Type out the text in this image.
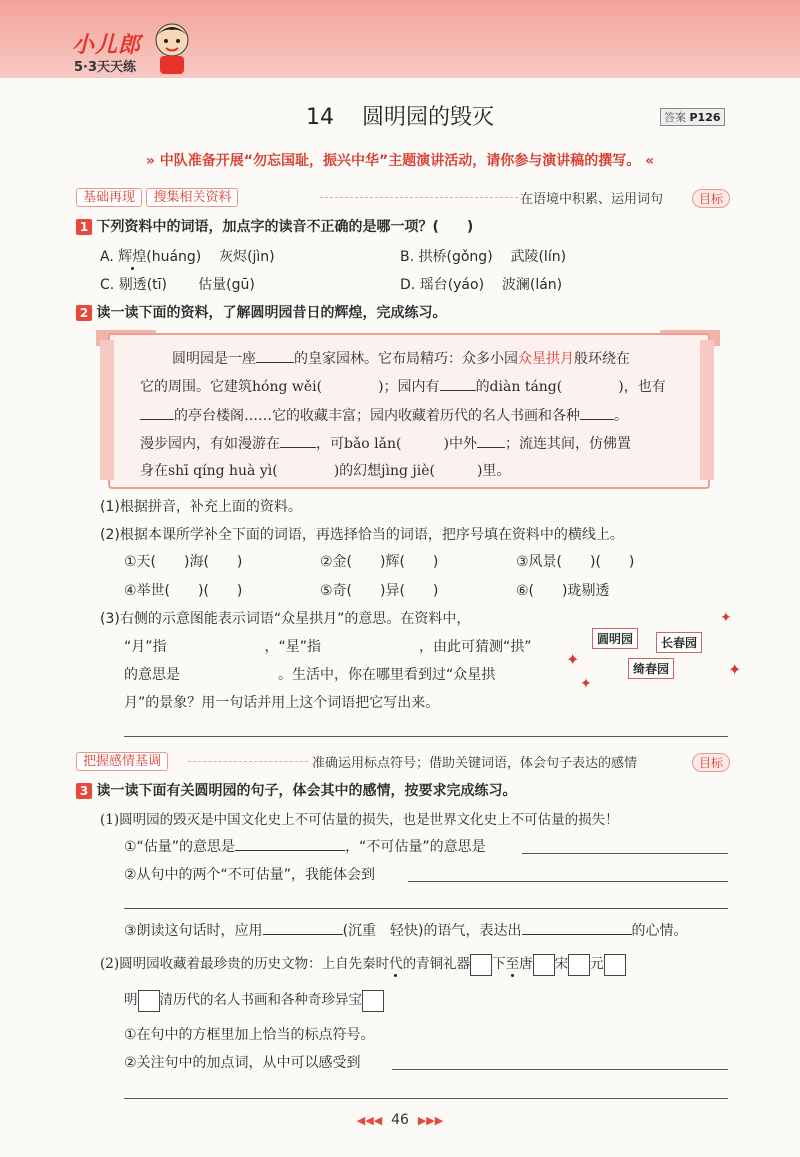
小儿郎
5·3天天练
14 圆明园的毁灭	答案 P126
» 中队准备开展“勿忘国耻，振兴中华”主题演讲活动，请你参与演讲稿的撰写。 «
基础再现 搜集相关资料	在语境中积累、运用词句	目标
1 下列资料中的词语，加点字的读音不正确的是哪一项？(　　)
A. 辉煌(huáng) 灰烬(jìn)	B. 拱桥(gǒng) 武陵(lín)
C. 剔透(tī) 估量(gū)	D. 瑶台(yáo) 波澜(lán)
2 读一读下面的资料，了解圆明园昔日的辉煌，完成练习。
圆明园是一座	的皇家园林。它布局精巧：众多小园众星拱月般环绕在
它的周围。它建筑hóng wěi(　　　　	)；园内有	的diàn táng(　　　　	)，也有
的亭台楼阁……它的收藏丰富；园内收藏着历代的名人书画和各种 。
漫步园内，有如漫游在	，可bǎo lǎn(　　　	)中外 ；流连其间，仿佛置
身在shī qíng huà yì(　　　　	)的幻想jìng jiè(　　　	)里。
(1)根据拼音，补充上面的资料。
(2)根据本课所学补全下面的词语，再选择恰当的词语，把序号填在资料中的横线上。
①天(　　)海(　　)	②金(　　)辉(　　)	③风景(　　)(　　)
④举世(　　)(　　)	⑤奇(　　)异(　　)	⑥(　　)珑剔透
(3)右侧的示意图能表示词语“众星拱月”的意思。在资料中，
“月”指　　　　　　　，“星”指　　　　　　　，由此可猜测“拱”
的意思是　　　　　　　。生活中，你在哪里看到过“众星拱
月”的景象？用一句话并用上这个词语把它写出来。
圆明园	长春园
绮春园
✦
✦
✦
✦
把握感情基调	准确运用标点符号；借助关键词语，体会句子表达的感情	目标
3 读一读下面有关圆明园的句子，体会其中的感情，按要求完成练习。
(1)圆明园的毁灭是中国文化史上不可估量的损失，也是世界文化史上不可估量的损失！
①“估量”的意思是	，“不可估量”的意思是
②从句中的两个“不可估量”，我能体会到
③朗读这句话时，应用	(沉重　轻快)的语气，表达出	的心情。
(2)圆明园收藏着最珍贵的历史文物：上自先秦时代的青铜礼器 下至唐 宋 元
明 清历代的名人书画和各种奇珍异宝
①在句中的方框里加上恰当的标点符号。
②关注句中的加点词，从中可以感受到
◀◀◀ 46 ▶▶▶
